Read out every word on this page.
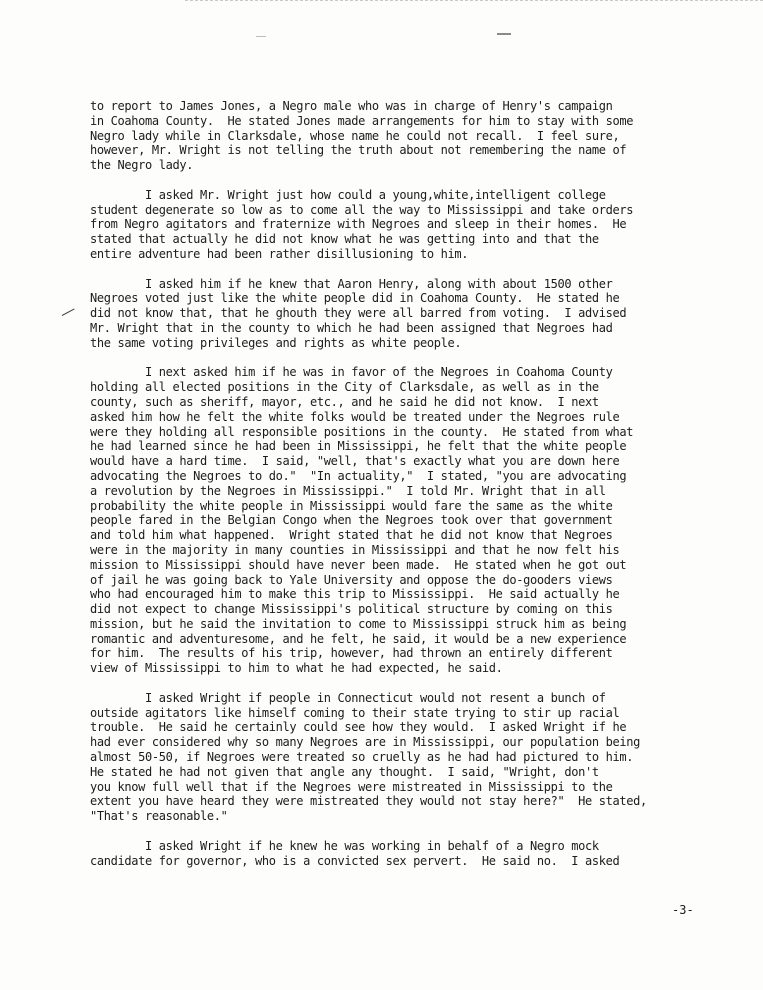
to report to James Jones, a Negro male who was in charge of Henry's campaign
in Coahoma County.  He stated Jones made arrangements for him to stay with some
Negro lady while in Clarksdale, whose name he could not recall.  I feel sure,
however, Mr. Wright is not telling the truth about not remembering the name of
the Negro lady.
I asked Mr. Wright just how could a young,white,intelligent college
student degenerate so low as to come all the way to Mississippi and take orders
from Negro agitators and fraternize with Negroes and sleep in their homes.  He
stated that actually he did not know what he was getting into and that the
entire adventure had been rather disillusioning to him.
I asked him if he knew that Aaron Henry, along with about 1500 other
Negroes voted just like the white people did in Coahoma County.  He stated he
did not know that, that he ghouth they were all barred from voting.  I advised
Mr. Wright that in the county to which he had been assigned that Negroes had
the same voting privileges and rights as white people.
I next asked him if he was in favor of the Negroes in Coahoma County
holding all elected positions in the City of Clarksdale, as well as in the
county, such as sheriff, mayor, etc., and he said he did not know.  I next
asked him how he felt the white folks would be treated under the Negroes rule
were they holding all responsible positions in the county.  He stated from what
he had learned since he had been in Mississippi, he felt that the white people
would have a hard time.  I said, "well, that's exactly what you are down here
advocating the Negroes to do."  "In actuality,"  I stated, "you are advocating
a revolution by the Negroes in Mississippi."  I told Mr. Wright that in all
probability the white people in Mississippi would fare the same as the white
people fared in the Belgian Congo when the Negroes took over that government
and told him what happened.  Wright stated that he did not know that Negroes
were in the majority in many counties in Mississippi and that he now felt his
mission to Mississippi should have never been made.  He stated when he got out
of jail he was going back to Yale University and oppose the do-gooders views
who had encouraged him to make this trip to Mississippi.  He said actually he
did not expect to change Mississippi's political structure by coming on this
mission, but he said the invitation to come to Mississippi struck him as being
romantic and adventuresome, and he felt, he said, it would be a new experience
for him.  The results of his trip, however, had thrown an entirely different
view of Mississippi to him to what he had expected, he said.
I asked Wright if people in Connecticut would not resent a bunch of
outside agitators like himself coming to their state trying to stir up racial
trouble.  He said he certainly could see how they would.  I asked Wright if he
had ever considered why so many Negroes are in Mississippi, our population being
almost 50-50, if Negroes were treated so cruelly as he had had pictured to him.
He stated he had not given that angle any thought.  I said, "Wright, don't
you know full well that if the Negroes were mistreated in Mississippi to the
extent you have heard they were mistreated they would not stay here?"  He stated,
"That's reasonable."
I asked Wright if he knew he was working in behalf of a Negro mock
candidate for governor, who is a convicted sex pervert.  He said no.  I asked
-3-
